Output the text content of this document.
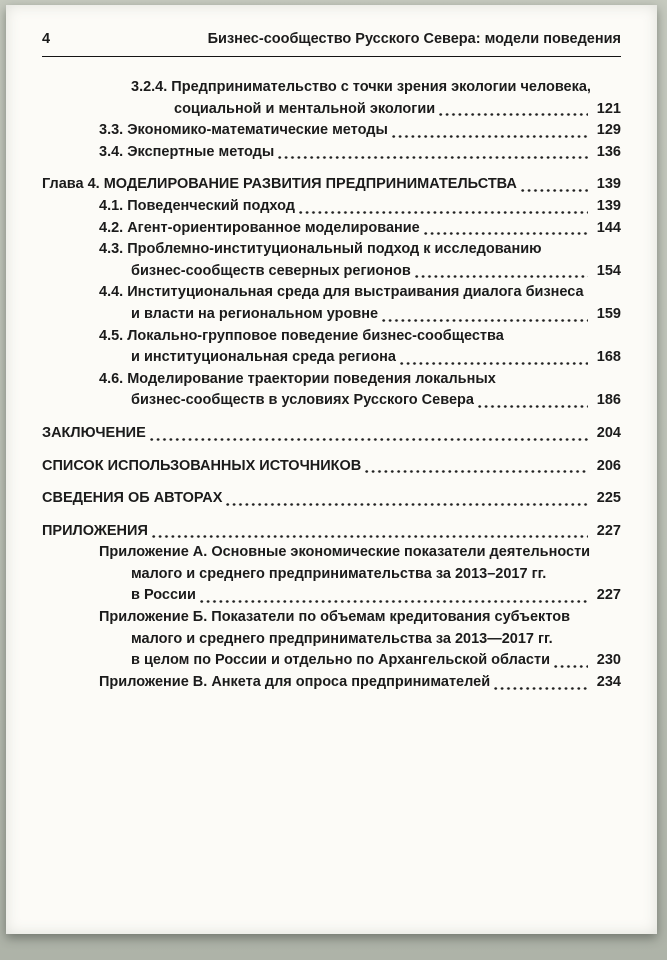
4	Бизнес-сообщество Русского Севера: модели поведения
3.2.4. Предпринимательство с точки зрения экологии человека,
социальной и ментальной экологии	121
3.3. Экономико-математические методы	129
3.4. Экспертные методы	136
Глава 4. МОДЕЛИРОВАНИЕ РАЗВИТИЯ ПРЕДПРИНИМАТЕЛЬСТВА	139
4.1. Поведенческий подход	139
4.2. Агент-ориентированное моделирование	144
4.3. Проблемно-институциональный подход к исследованию
бизнес-сообществ северных регионов	154
4.4. Институциональная среда для выстраивания диалога бизнеса
и власти на региональном уровне	159
4.5. Локально-групповое поведение бизнес-сообщества
и институциональная среда региона	168
4.6. Моделирование траектории поведения локальных
бизнес-сообществ в условиях Русского Севера	186
ЗАКЛЮЧЕНИЕ	204
СПИСОК ИСПОЛЬЗОВАННЫХ ИСТОЧНИКОВ	206
СВЕДЕНИЯ ОБ АВТОРАХ	225
ПРИЛОЖЕНИЯ	227
Приложение А. Основные экономические показатели деятельности
малого и среднего предпринимательства за 2013–2017 гг.
в России	227
Приложение Б. Показатели по объемам кредитования субъектов
малого и среднего предпринимательства за 2013—2017 гг.
в целом по России и отдельно по Архангельской области	230
Приложение В. Анкета для опроса предпринимателей	234
